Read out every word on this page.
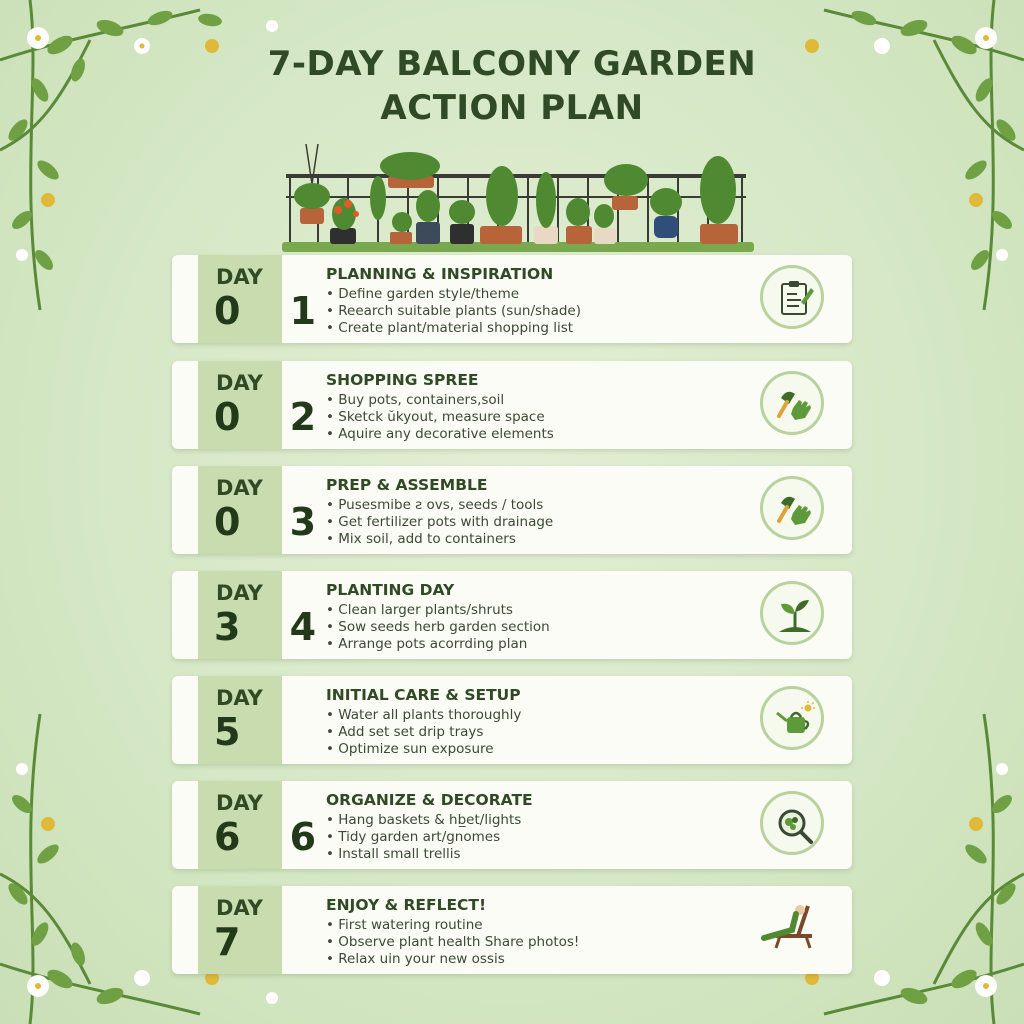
7-DAY BALCONY GARDEN
ACTION PLAN
DAY
0 1
PLANNING & INSPIRATION
• Define garden style/theme
• Reearch suitable plants (sun/shade)
• Create plant/material shopping list
DAY
0 2
SHOPPING SPREE
• Buy pots, containers,soil
• Sketck ŭkyout, measure space
• Aquire any decorative elements
DAY
0 3
PREP & ASSEMBLE
• Pusesmibe ƨ ovs, seeds / tools
• Get fertilizer pots with drainage
• Mix soil, add to containers
DAY
3 4
PLANTING DAY
• Clean larger plants/shruts
• Sow seeds herb garden section
• Arrange pots acorrding plan
DAY
5
INITIAL CARE & SETUP
• Water all plants thoroughly
• Add set set drip trays
• Optimize sun exposure
DAY
6 6
ORGANIZE & DECORATE
• Hang baskets & hb̲et/lights
• Tidy garden art/gnomes
• Install small trellis
DAY
7
ENJOY & REFLECT!
• First watering routine
• Observe plant health Share photos!
• Relax uin your new ossis
